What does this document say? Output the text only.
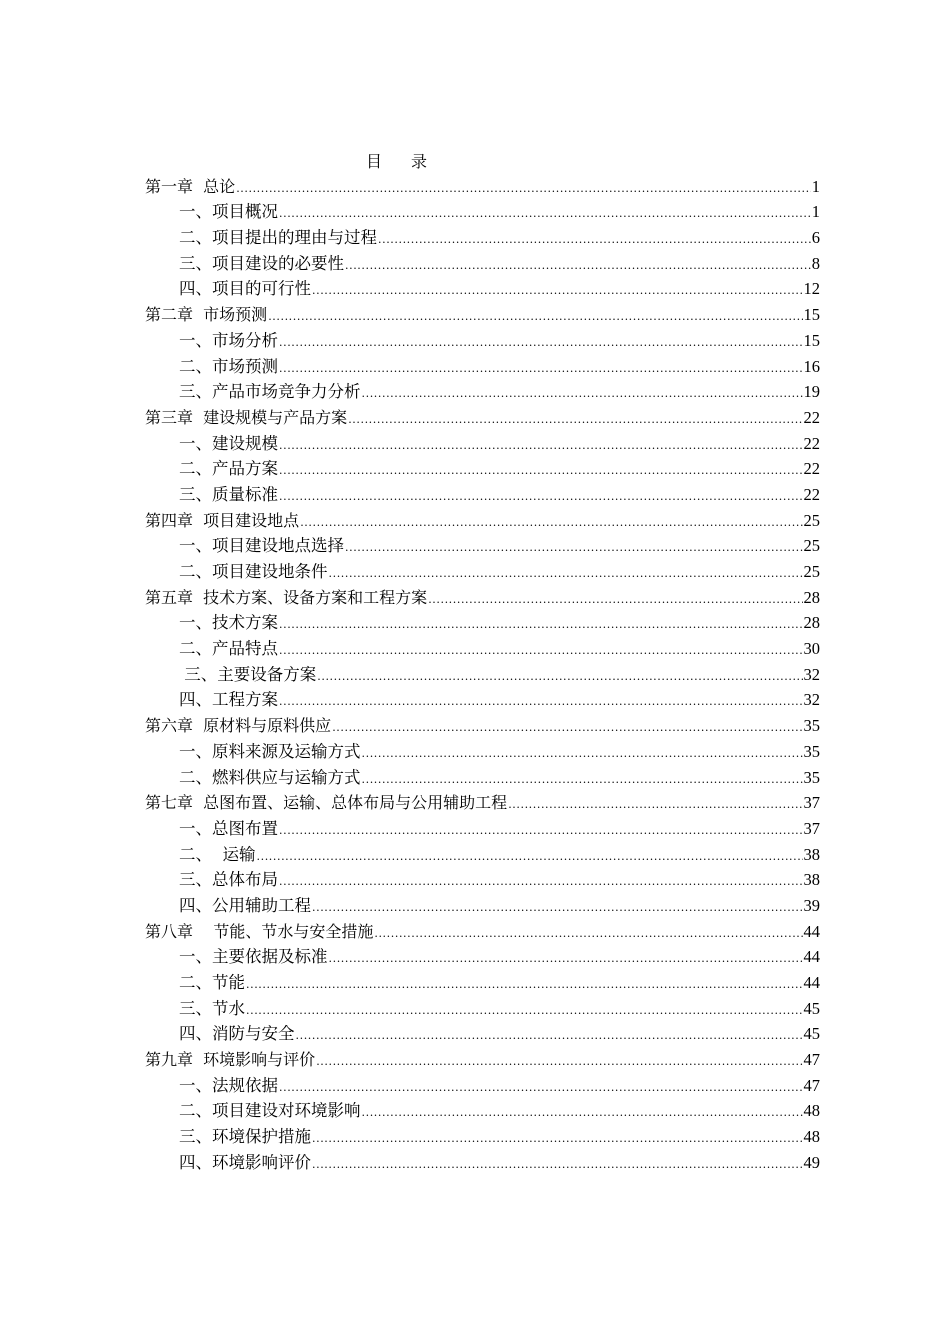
目 录
第一章  总论 .....	1
一、项目概况 .....	1
二、项目提出的理由与过程 .....	6
三、项目建设的必要性 .....	8
四、项目的可行性 .....	12
第二章  市场预测 .....	15
一、市场分析 .....	15
二、市场预测 .....	16
三、产品市场竞争力分析 .....	19
第三章  建设规模与产品方案 .....	22
一、建设规模 .....	22
二、产品方案 .....	22
三、质量标准 .....	22
第四章  项目建设地点 .....	25
一、项目建设地点选择 .....	25
二、项目建设地条件 .....	25
第五章  技术方案、设备方案和工程方案 .....	28
一、技术方案 .....	28
二、产品特点 .....	30
三、主要设备方案 .....	32
四、工程方案 .....	32
第六章  原材料与原料供应 .....	35
一、原料来源及运输方式 .....	35
二、燃料供应与运输方式 .....	35
第七章  总图布置、运输、总体布局与公用辅助工程 .....	37
一、总图布置 .....	37
二、  运输 .....	38
三、总体布局 .....	38
四、公用辅助工程 .....	39
第八章    节能、节水与安全措施 .....	44
一、主要依据及标准 .....	44
二、节能 .....	44
三、节水 .....	45
四、消防与安全 .....	45
第九章  环境影响与评价 .....	47
一、法规依据 .....	47
二、项目建设对环境影响 .....	48
三、环境保护措施 .....	48
四、环境影响评价 .....	49
